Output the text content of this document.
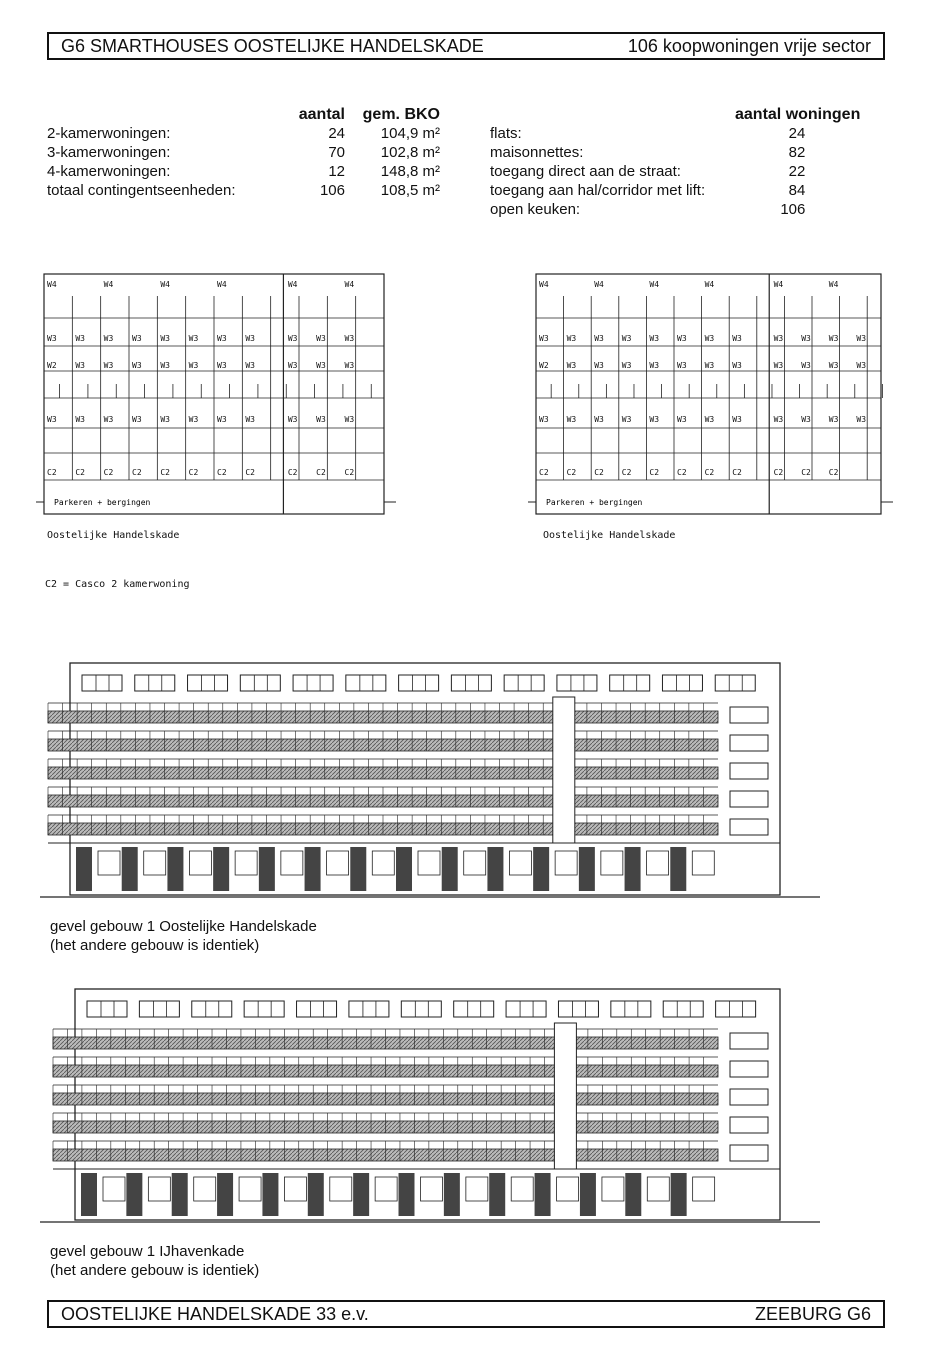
G6 SMARTHOUSES OOSTELIJKE HANDELSKADE	106 koopwoningen vrije sector
	aantal	gem. BKO
2-kamerwoningen:	24	104,9 m²
3-kamerwoningen:	70	102,8 m²
4-kamerwoningen:	12	148,8 m²
totaal contingentseenheden:	106	108,5 m²
	aantal woningen
flats:	24
maisonnettes:	82
toegang direct aan de straat:	22
toegang aan hal/corridor met lift:	84
open keuken:	106
W4	W4	W4	W4	W4	W4
W3 W3 W3 W3 W3 W3 W3 W3	W3 W3 W3
W2 W3 W3 W3 W3 W3 W3 W3	W3 W3 W3
W3 W3 W3 W3 W3 W3 W3 W3	W3 W3 W3
C2 C2 C2 C2 C2 C2 C2 C2	C2 C2 C2
Parkeren + bergingen
W4	W4	W4	W4	W4	W4
W3 W3 W3 W3 W3 W3 W3 W3	W3 W3 W3 W3
W2 W3 W3 W3 W3 W3 W3 W3	W3 W3 W3 W3
W3 W3 W3 W3 W3 W3 W3 W3	W3 W3 W3 W3
C2 C2 C2 C2 C2 C2 C2 C2	C2 C2 C2
Parkeren + bergingen
Oostelijke Handelskade	Oostelijke Handelskade
C2 = Casco 2 kamerwoning
gevel gebouw 1 Oostelijke Handelskade
(het andere gebouw is identiek)
gevel gebouw 1 IJhavenkade
(het andere gebouw is identiek)
OOSTELIJKE HANDELSKADE 33 e.v.	ZEEBURG G6
